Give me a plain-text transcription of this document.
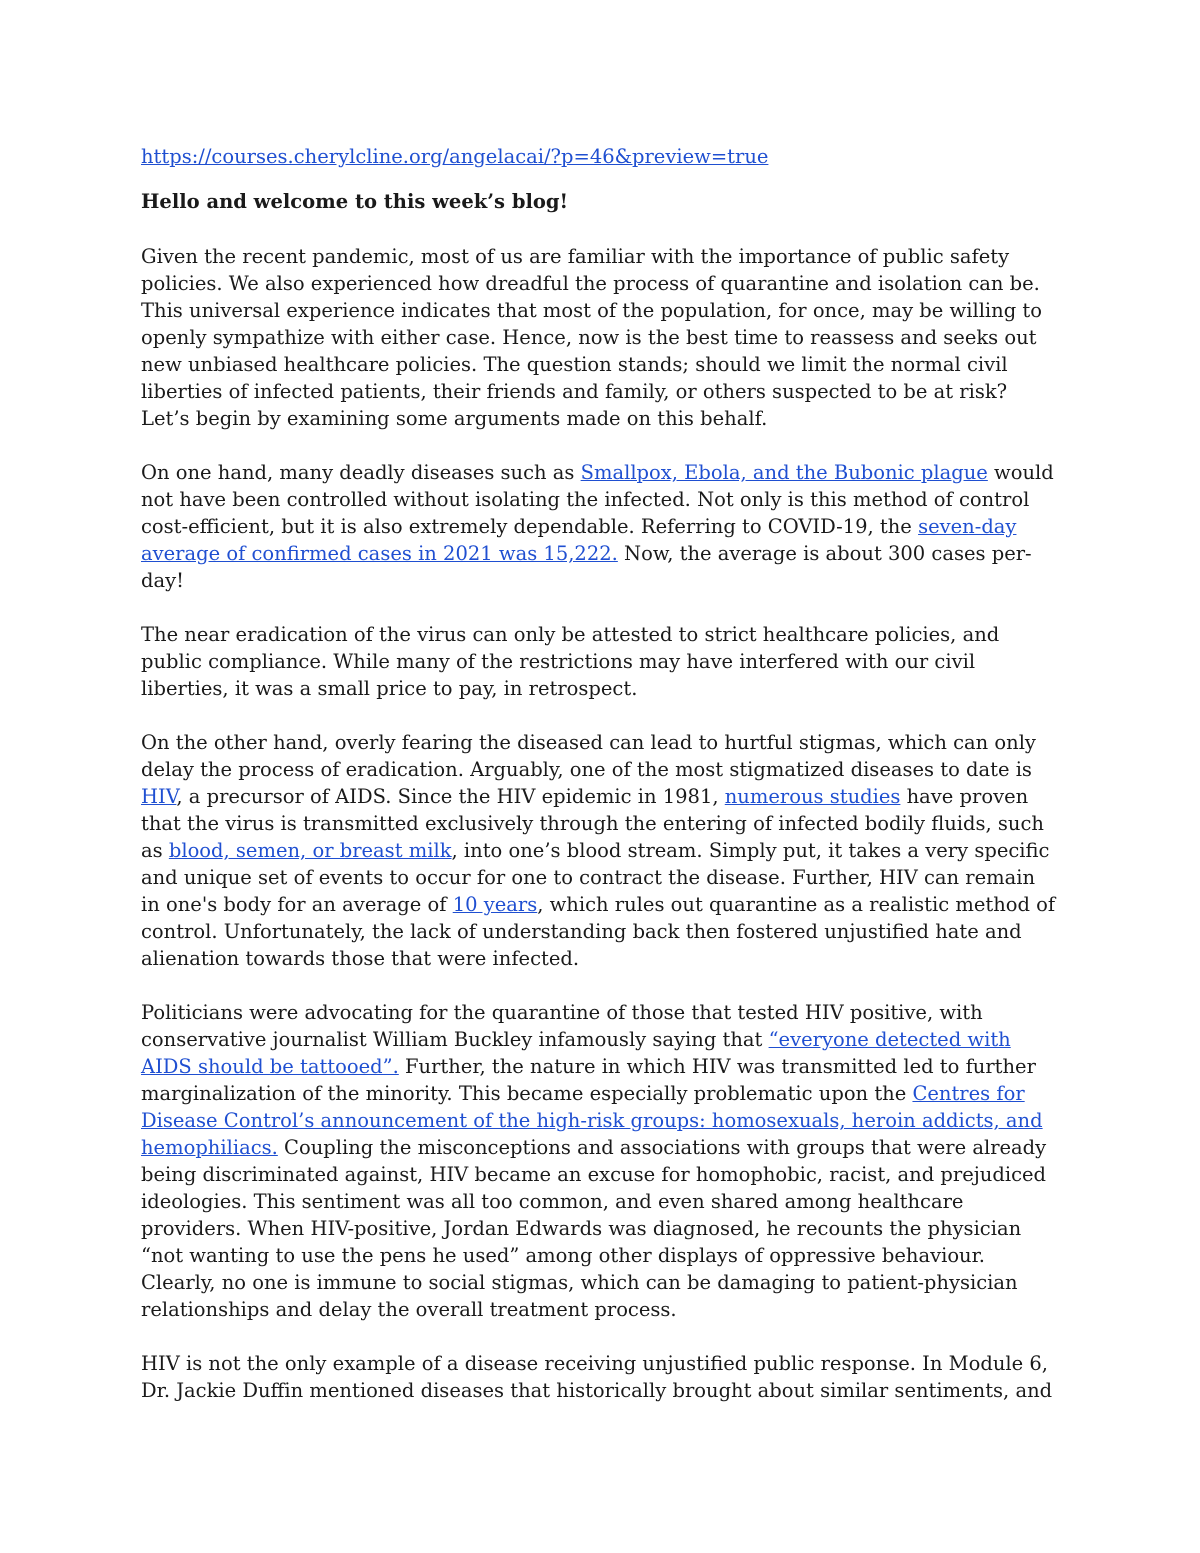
https://courses.cherylcline.org/angelacai/?p=46&preview=true
Hello and welcome to this week’s blog!

Given the recent pandemic, most of us are familiar with the importance of public safety policies. We also experienced how dreadful the process of quarantine and isolation can be. This universal experience indicates that most of the population, for once, may be willing to openly sympathize with either case. Hence, now is the best time to reassess and seeks out new unbiased healthcare policies. The question stands; should we limit the normal civil liberties of infected patients, their friends and family, or others suspected to be at risk? Let’s begin by examining some arguments made on this behalf.

On one hand, many deadly diseases such as Smallpox, Ebola, and the Bubonic plague would not have been controlled without isolating the infected. Not only is this method of control cost-efficient, but it is also extremely dependable. Referring to COVID-19, the seven-day average of confirmed cases in 2021 was 15,222. Now, the average is about 300 cases per-day!

The near eradication of the virus can only be attested to strict healthcare policies, and public compliance. While many of the restrictions may have interfered with our civil liberties, it was a small price to pay, in retrospect.

On the other hand, overly fearing the diseased can lead to hurtful stigmas, which can only delay the process of eradication. Arguably, one of the most stigmatized diseases to date is HIV, a precursor of AIDS. Since the HIV epidemic in 1981, numerous studies have proven that the virus is transmitted exclusively through the entering of infected bodily fluids, such as blood, semen, or breast milk, into one’s blood stream. Simply put, it takes a very specific and unique set of events to occur for one to contract the disease. Further, HIV can remain in one's body for an average of 10 years, which rules out quarantine as a realistic method of control. Unfortunately, the lack of understanding back then fostered unjustified hate and alienation towards those that were infected.

Politicians were advocating for the quarantine of those that tested HIV positive, with conservative journalist William Buckley infamously saying that “everyone detected with AIDS should be tattooed”. Further, the nature in which HIV was transmitted led to further marginalization of the minority. This became especially problematic upon the Centres for Disease Control’s announcement of the high-risk groups: homosexuals, heroin addicts, and hemophiliacs. Coupling the misconceptions and associations with groups that were already being discriminated against, HIV became an excuse for homophobic, racist, and prejudiced ideologies. This sentiment was all too common, and even shared among healthcare providers. When HIV-positive, Jordan Edwards was diagnosed, he recounts the physician “not wanting to use the pens he used” among other displays of oppressive behaviour. Clearly, no one is immune to social stigmas, which can be damaging to patient-physician relationships and delay the overall treatment process.

HIV is not the only example of a disease receiving unjustified public response. In Module 6, Dr. Jackie Duffin mentioned diseases that historically brought about similar sentiments, and
